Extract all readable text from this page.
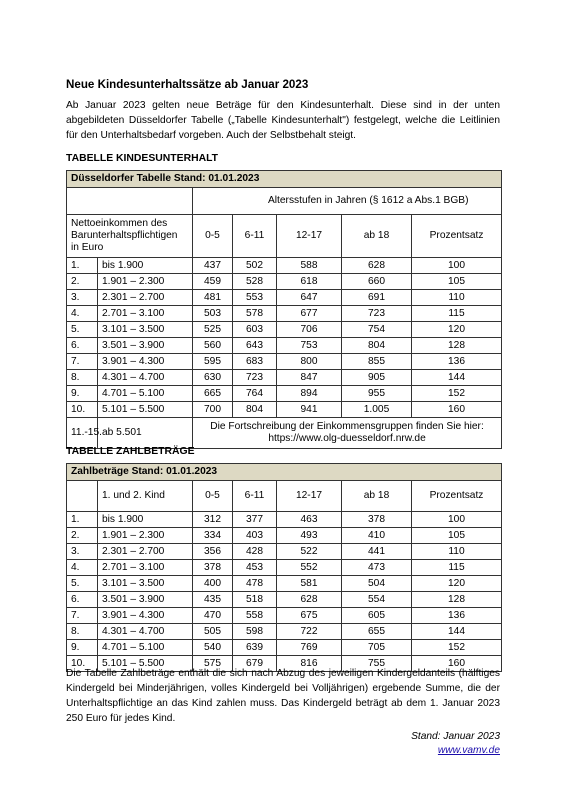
Neue Kindesunterhaltssätze ab Januar 2023

Ab Januar 2023 gelten neue Beträge für den Kindesunterhalt. Diese sind in der unten abgebildeten Düsseldorfer Tabelle („Tabelle Kindesunterhalt") festgelegt, welche die Leitlinien für den Unterhaltsbedarf vorgeben. Auch der Selbstbehalt steigt.

TABELLE KINDESUNTERHALT

Düsseldorfer Tabelle Stand: 01.01.2023						
		Altersstufen in Jahren (§ 1612 a Abs.1 BGB)				
Nettoeinkommen des Barunterhaltspflichtigen in Euro		0-5	6-11	12-17	ab 18	Prozentsatz
1.	bis 1.900	437	502	588	628	100
2.	1.901 – 2.300	459	528	618	660	105
3.	2.301 – 2.700	481	553	647	691	110
4.	2.701 – 3.100	503	578	677	723	115
5.	3.101 – 3.500	525	603	706	754	120
6.	3.501 – 3.900	560	643	753	804	128
7.	3.901 – 4.300	595	683	800	855	136
8.	4.301 – 4.700	630	723	847	905	144
9.	4.701 – 5.100	665	764	894	955	152
10.	5.101 – 5.500	700	804	941	1.005	160
11.-15.	ab 5.501	Die Fortschreibung der Einkommensgruppen finden Sie hier: https://www.olg-duesseldorf.nrw.de				

TABELLE ZAHLBETRÄGE

Zahlbeträge Stand: 01.01.2023						
	1. und 2. Kind	0-5	6-11	12-17	ab 18	Prozentsatz
1.	bis 1.900	312	377	463	378	100
2.	1.901 – 2.300	334	403	493	410	105
3.	2.301 – 2.700	356	428	522	441	110
4.	2.701 – 3.100	378	453	552	473	115
5.	3.101 – 3.500	400	478	581	504	120
6.	3.501 – 3.900	435	518	628	554	128
7.	3.901 – 4.300	470	558	675	605	136
8.	4.301 – 4.700	505	598	722	655	144
9.	4.701 – 5.100	540	639	769	705	152
10.	5.101 – 5.500	575	679	816	755	160

Die Tabelle Zahlbeträge enthält die sich nach Abzug des jeweiligen Kindergeldanteils (hälftiges Kindergeld bei Minderjährigen, volles Kindergeld bei Volljährigen) ergebende Summe, die der Unterhaltspflichtige an das Kind zahlen muss. Das Kindergeld beträgt ab dem 1. Januar 2023 250 Euro für jedes Kind.

Stand: Januar 2023

www.vamv.de
